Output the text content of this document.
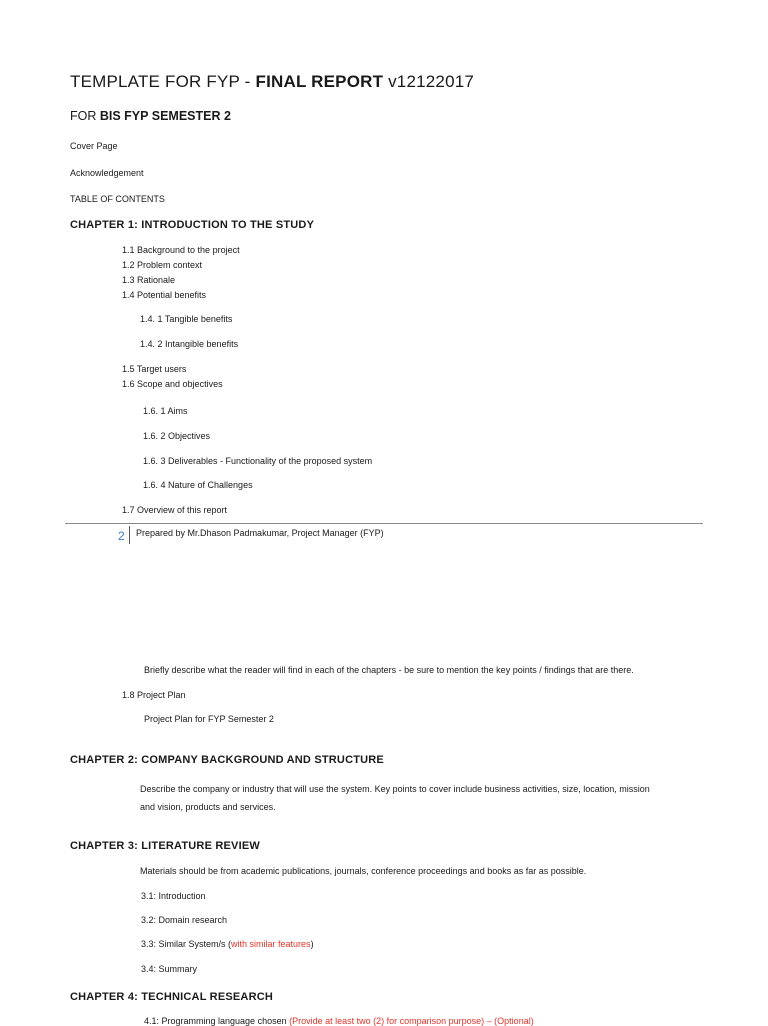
TEMPLATE FOR FYP - FINAL REPORT v12122017
FOR BIS FYP SEMESTER 2
Cover Page
Acknowledgement
TABLE OF CONTENTS
CHAPTER 1: INTRODUCTION TO THE STUDY
1.1 Background to the project
1.2 Problem context
1.3 Rationale
1.4 Potential benefits
1.4. 1 Tangible benefits
1.4. 2 Intangible benefits
1.5 Target users
1.6 Scope and objectives
1.6. 1 Aims
1.6. 2 Objectives
1.6. 3 Deliverables - Functionality of the proposed system
1.6. 4 Nature of Challenges
1.7 Overview of this report
2 Prepared by Mr.Dhason Padmakumar, Project Manager (FYP)
Briefly describe what the reader will find in each of the chapters - be sure to mention the key points / findings that are there.
1.8 Project Plan
Project Plan for FYP Semester 2
CHAPTER 2: COMPANY BACKGROUND AND STRUCTURE
Describe the company or industry that will use the system. Key points to cover include business activities, size, location, mission
and vision, products and services.
CHAPTER 3: LITERATURE REVIEW
Materials should be from academic publications, journals, conference proceedings and books as far as possible.
3.1: Introduction
3.2: Domain research
3.3: Similar System/s (with similar features)
3.4: Summary
CHAPTER 4: TECHNICAL RESEARCH
4.1: Programming language chosen (Provide at least two (2) for comparison purpose) – (Optional)
